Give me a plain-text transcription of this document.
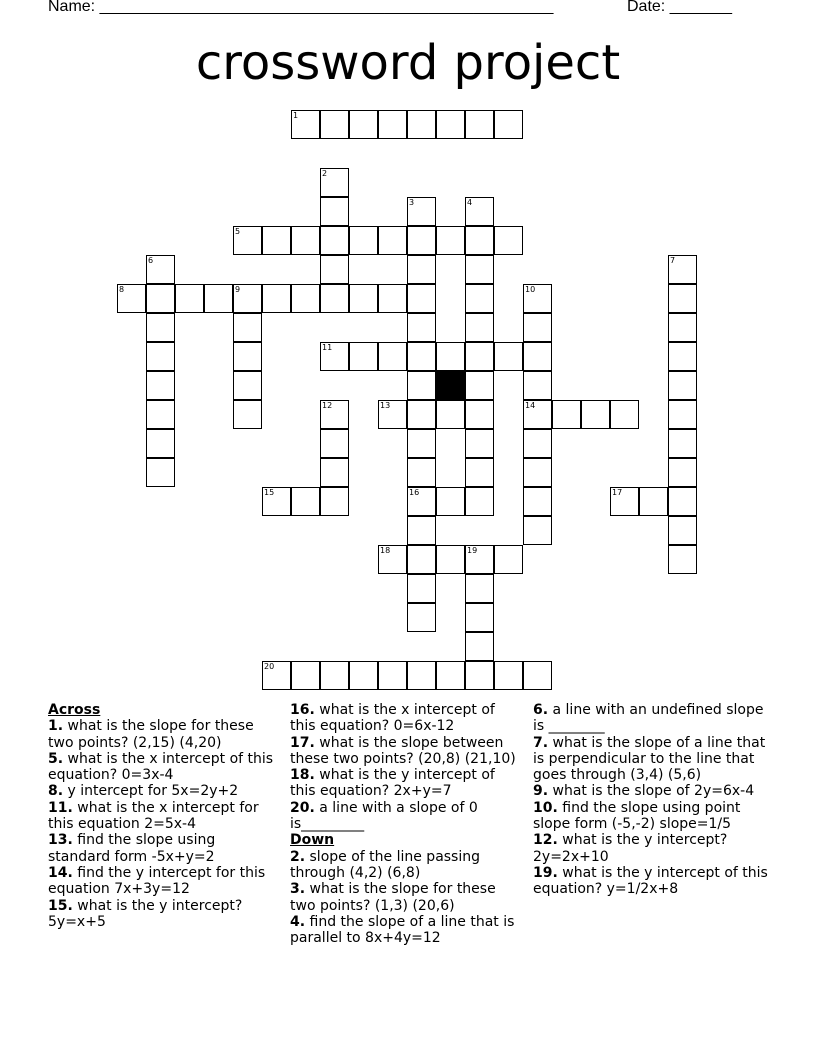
Name: ___________________________________________________	Date: _______
crossword project
1
5
8	9
11
13	14
15	16	17
18	19
20
2
3	4
6	7
10
12
Across
1. what is the slope for these two points? (2,15) (4,20)
5. what is the x intercept of this equation? 0=3x-4
8. y intercept for 5x=2y+2
11. what is the x intercept for this equation 2=5x-4
13. find the slope using standard form -5x+y=2
14. find the y intercept for this equation 7x+3y=12
15. what is the y intercept? 5y=x+5
16. what is the x intercept of this equation? 0=6x-12
17. what is the slope between these two points? (20,8) (21,10)
18. what is the y intercept of this equation? 2x+y=7
20. a line with a slope of 0 is_________
Down
2. slope of the line passing through (4,2) (6,8)
3. what is the slope for these two points? (1,3) (20,6)
4. find the slope of a line that is parallel to 8x+4y=12
6. a line with an undefined slope is ________
7. what is the slope of a line that is perpendicular to the line that goes through (3,4) (5,6)
9. what is the slope of 2y=6x-4
10. find the slope using point slope form (-5,-2) slope=1/5
12. what is the y intercept? 2y=2x+10
19. what is the y intercept of this equation? y=1/2x+8
